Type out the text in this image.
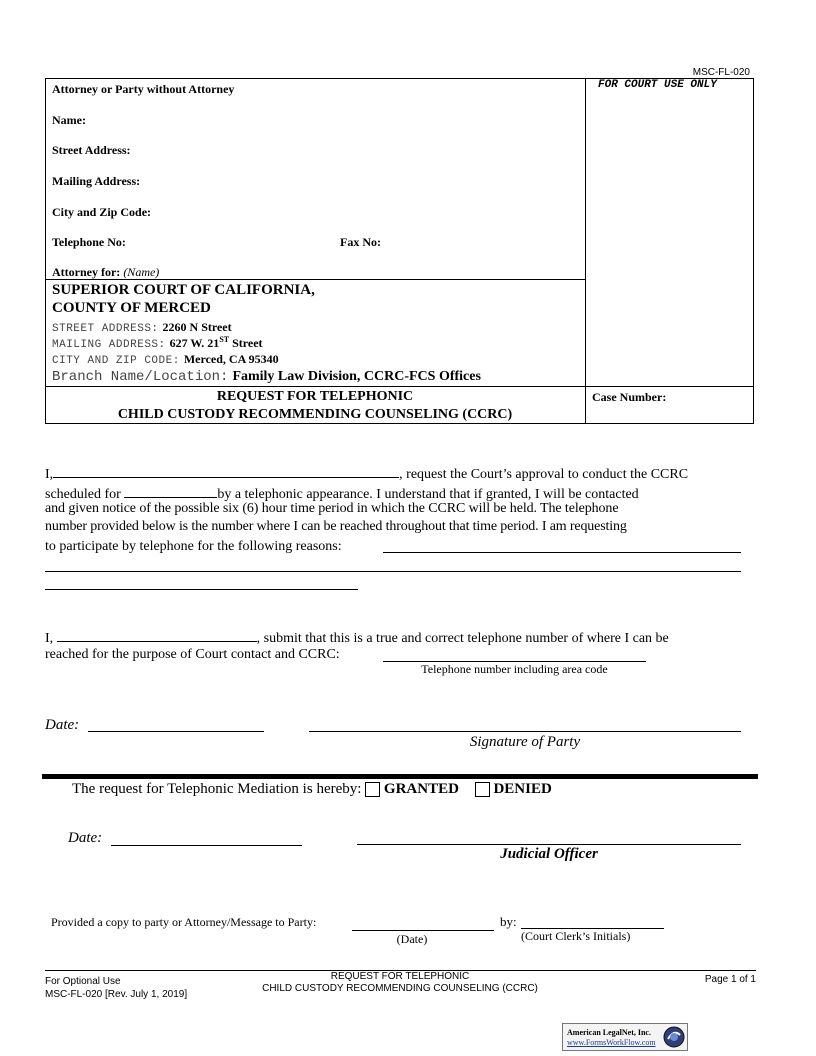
MSC-FL-020
FOR COURT USE ONLY
Attorney or Party without Attorney
Name:
Street Address:
Mailing Address:
City and Zip Code:
Telephone No:	Fax No:
Attorney for: (Name)
SUPERIOR COURT OF CALIFORNIA,
COUNTY OF MERCED
STREET ADDRESS: 2260 N Street
MAILING ADDRESS: 627 W. 21ST Street
CITY AND ZIP CODE: Merced, CA 95340
Branch Name/Location: Family Law Division, CCRC-FCS Offices
REQUEST FOR TELEPHONIC
CHILD CUSTODY RECOMMENDING COUNSELING (CCRC)
Case Number:
I,	, request the Court’s approval to conduct the CCRC
scheduled for	by a telephonic appearance. I understand that if granted, I will be contacted
and given notice of the possible six (6) hour time period in which the CCRC will be held. The telephone
number provided below is the number where I can be reached throughout that time period. I am requesting
to participate by telephone for the following reasons:
I,	, submit that this is a true and correct telephone number of where I can be
reached for the purpose of Court contact and CCRC:
Telephone number including area code
Date:
Signature of Party
The request for Telephonic Mediation is hereby: GRANTED DENIED
Date:
Judicial Officer
Provided a copy to party or Attorney/Message to Party:
(Date)
by:
(Court Clerk’s Initials)
For Optional Use
MSC-FL-020 [Rev. July 1, 2019]
REQUEST FOR TELEPHONIC
CHILD CUSTODY RECOMMENDING COUNSELING (CCRC)
Page 1 of 1
American LegalNet, Inc.
www.FormsWorkFlow.com
